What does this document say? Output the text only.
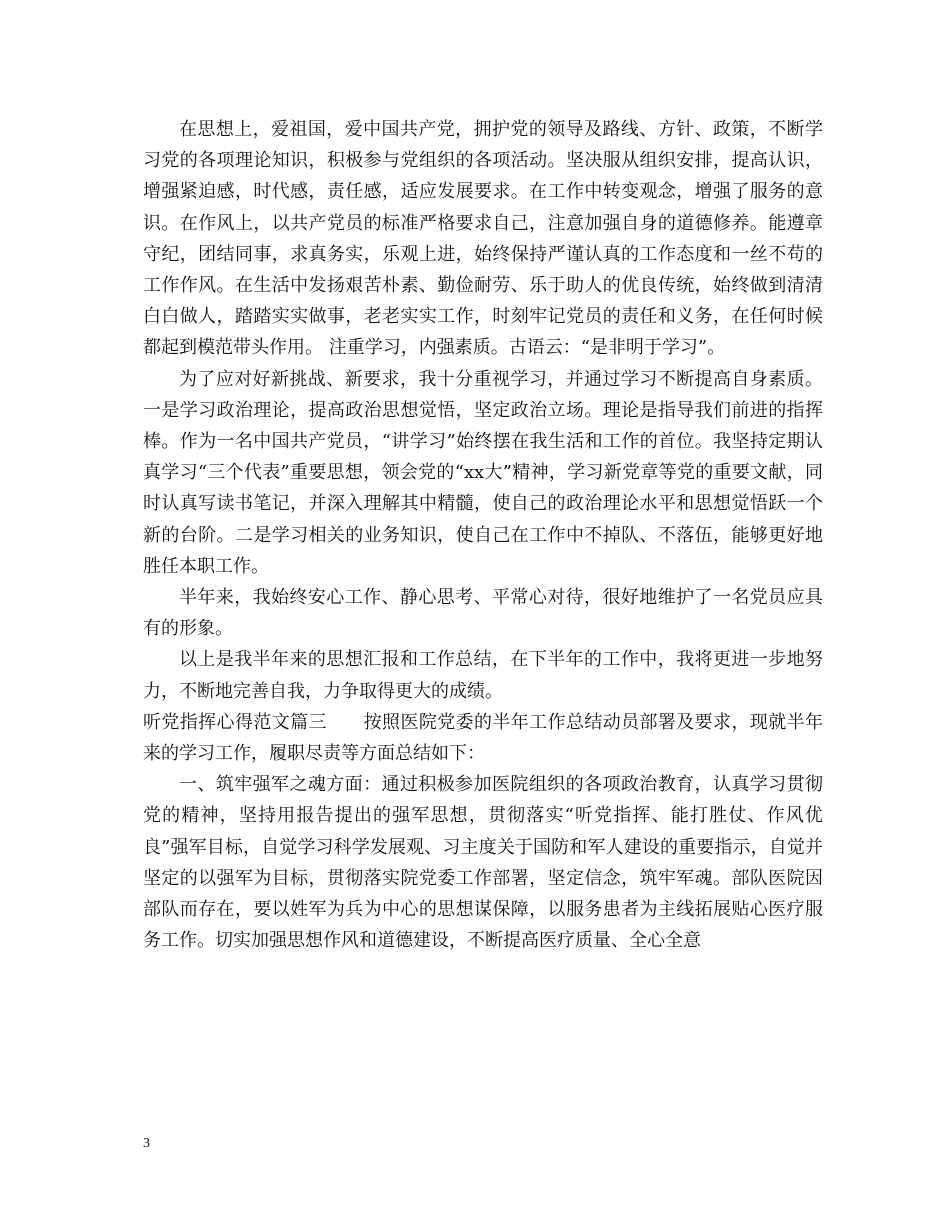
在思想上，爱祖国，爱中国共产党，拥护党的领导及路线、方针、政策，不断学习党的各项理论知识，积极参与党组织的各项活动。坚决服从组织安排，提高认识，增强紧迫感，时代感，责任感，适应发展要求。在工作中转变观念，增强了服务的意识。在作风上，以共产党员的标准严格要求自己，注意加强自身的道德修养。能遵章守纪，团结同事，求真务实，乐观上进，始终保持严谨认真的工作态度和一丝不苟的工作作风。在生活中发扬艰苦朴素、勤俭耐劳、乐于助人的优良传统，始终做到清清白白做人，踏踏实实做事，老老实实工作，时刻牢记党员的责任和义务，在任何时候都起到模范带头作用。 注重学习，内强素质。古语云：“是非明于学习”。

为了应对好新挑战、新要求，我十分重视学习，并通过学习不断提高自身素质。一是学习政治理论，提高政治思想觉悟，坚定政治立场。理论是指导我们前进的指挥棒。作为一名中国共产党员，“讲学习”始终摆在我生活和工作的首位。我坚持定期认真学习“三个代表”重要思想，领会党的“xx大”精神，学习新党章等党的重要文献，同时认真写读书笔记，并深入理解其中精髓，使自己的政治理论水平和思想觉悟跃一个新的台阶。二是学习相关的业务知识，使自己在工作中不掉队、不落伍，能够更好地胜任本职工作。

半年来，我始终安心工作、静心思考、平常心对待，很好地维护了一名党员应具有的形象。

以上是我半年来的思想汇报和工作总结，在下半年的工作中，我将更进一步地努力，不断地完善自我，力争取得更大的成绩。

听党指挥心得范文篇三　　按照医院党委的半年工作总结动员部署及要求，现就半年来的学习工作，履职尽责等方面总结如下：

一、筑牢强军之魂方面：通过积极参加医院组织的各项政治教育，认真学习贯彻党的精神，坚持用报告提出的强军思想，贯彻落实“听党指挥、能打胜仗、作风优良”强军目标，自觉学习科学发展观、习主度关于国防和军人建设的重要指示，自觉并坚定的以强军为目标，贯彻落实院党委工作部署，坚定信念，筑牢军魂。部队医院因部队而存在，要以姓军为兵为中心的思想谋保障，以服务患者为主线拓展贴心医疗服务工作。切实加强思想作风和道德建设，不断提高医疗质量、全心全意

3
